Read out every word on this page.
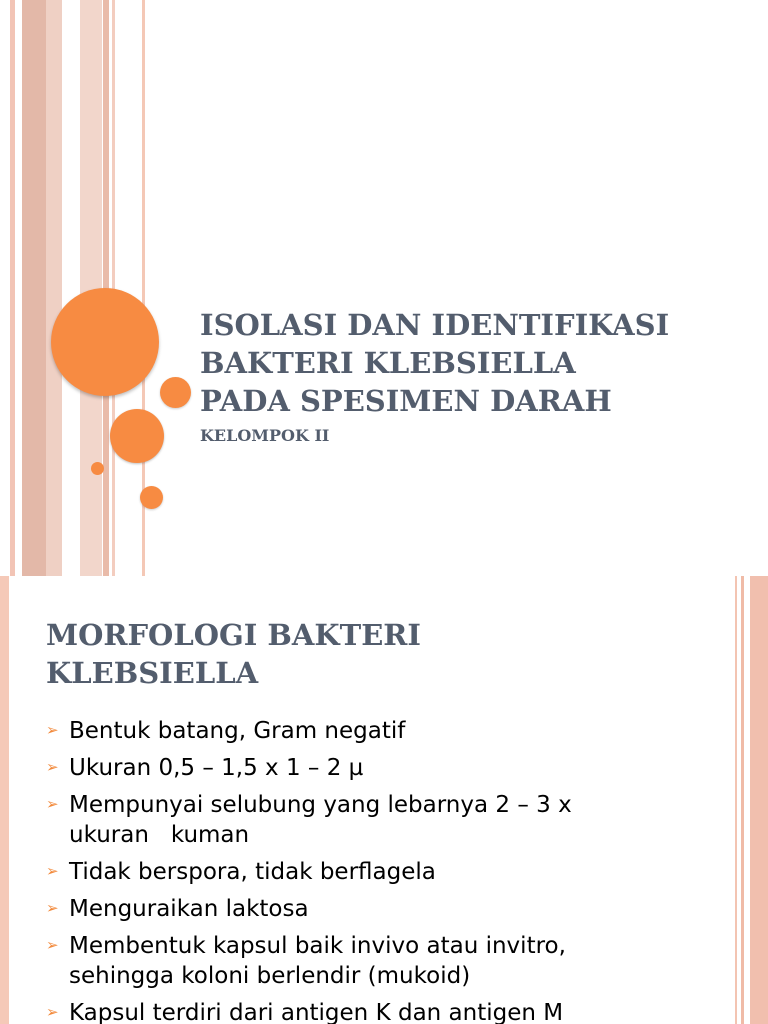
ISOLASI DAN IDENTIFIKASI
BAKTERI KLEBSIELLA
PADA SPESIMEN DARAH
KELOMPOK II
MORFOLOGI BAKTERI
KLEBSIELLA
➢ Bentuk batang, Gram negatif
➢ Ukuran 0,5 – 1,5 x 1 – 2 µ
➢ Mempunyai selubung yang lebarnya 2 – 3 x
ukuran   kuman
➢ Tidak berspora, tidak berflagela
➢ Menguraikan laktosa
➢ Membentuk kapsul baik invivo atau invitro,
sehingga koloni berlendir (mukoid)
➢ Kapsul terdiri dari antigen K dan antigen M
